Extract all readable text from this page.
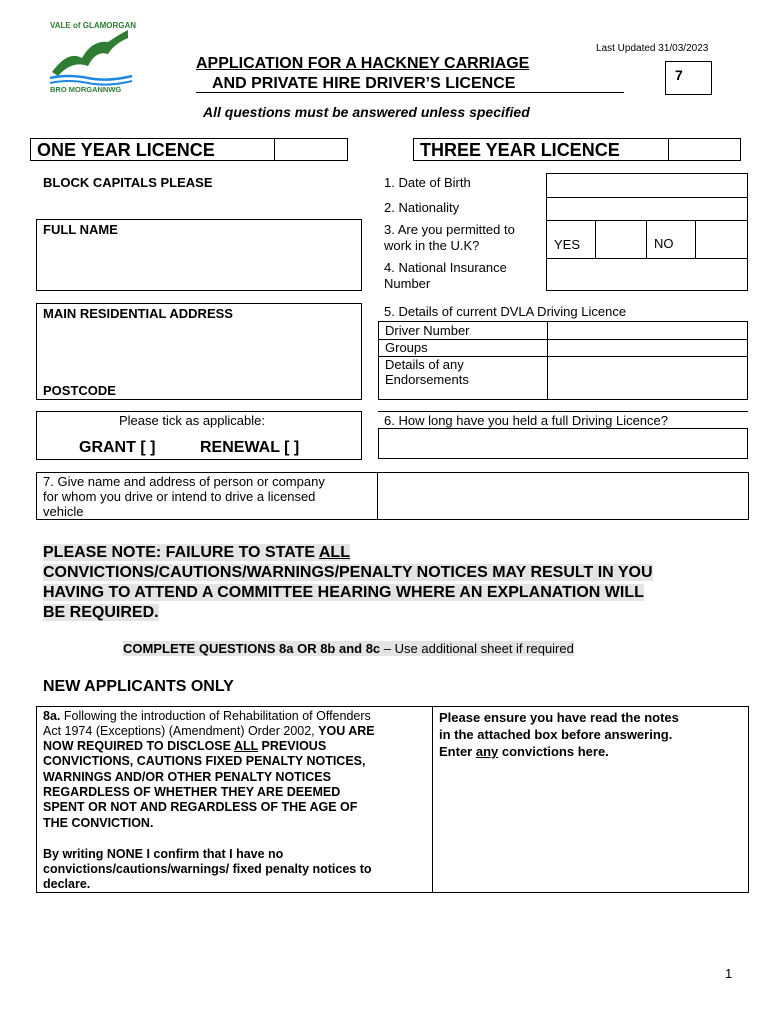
VALE of GLAMORGAN
BRO MORGANNWG
Last Updated 31/03/2023
APPLICATION FOR A HACKNEY CARRIAGE
AND PRIVATE HIRE DRIVER’S LICENCE	7
All questions must be answered unless specified
ONE YEAR LICENCE	THREE YEAR LICENCE
BLOCK CAPITALS PLEASE
FULL NAME
MAIN RESIDENTIAL ADDRESS
POSTCODE
Please tick as applicable:
GRANT [ ]	RENEWAL [ ]
7. Give name and address of person or company
for whom you drive or intend to drive a licensed
vehicle
1. Date of Birth
2. Nationality
3. Are you permitted to
work in the U.K?
4. National Insurance
Number
YES	NO
5. Details of current DVLA Driving Licence
Driver Number
Groups
Details of any
Endorsements
6. How long have you held a full Driving Licence?
PLEASE NOTE: FAILURE TO STATE ALL
CONVICTIONS/CAUTIONS/WARNINGS/PENALTY NOTICES MAY RESULT IN YOU
HAVING TO ATTEND A COMMITTEE HEARING WHERE AN EXPLANATION WILL
BE REQUIRED.
COMPLETE QUESTIONS 8a OR 8b and 8c – Use additional sheet if required
NEW APPLICANTS ONLY
8a. Following the introduction of Rehabilitation of Offenders
Act 1974 (Exceptions) (Amendment) Order 2002, YOU ARE
NOW REQUIRED TO DISCLOSE ALL PREVIOUS
CONVICTIONS, CAUTIONS FIXED PENALTY NOTICES,
WARNINGS AND/OR OTHER PENALTY NOTICES
REGARDLESS OF WHETHER THEY ARE DEEMED
SPENT OR NOT AND REGARDLESS OF THE AGE OF
THE CONVICTION.
By writing NONE I confirm that I have no
convictions/cautions/warnings/ fixed penalty notices to
declare.
Please ensure you have read the notes
in the attached box before answering.
Enter any convictions here.
1
